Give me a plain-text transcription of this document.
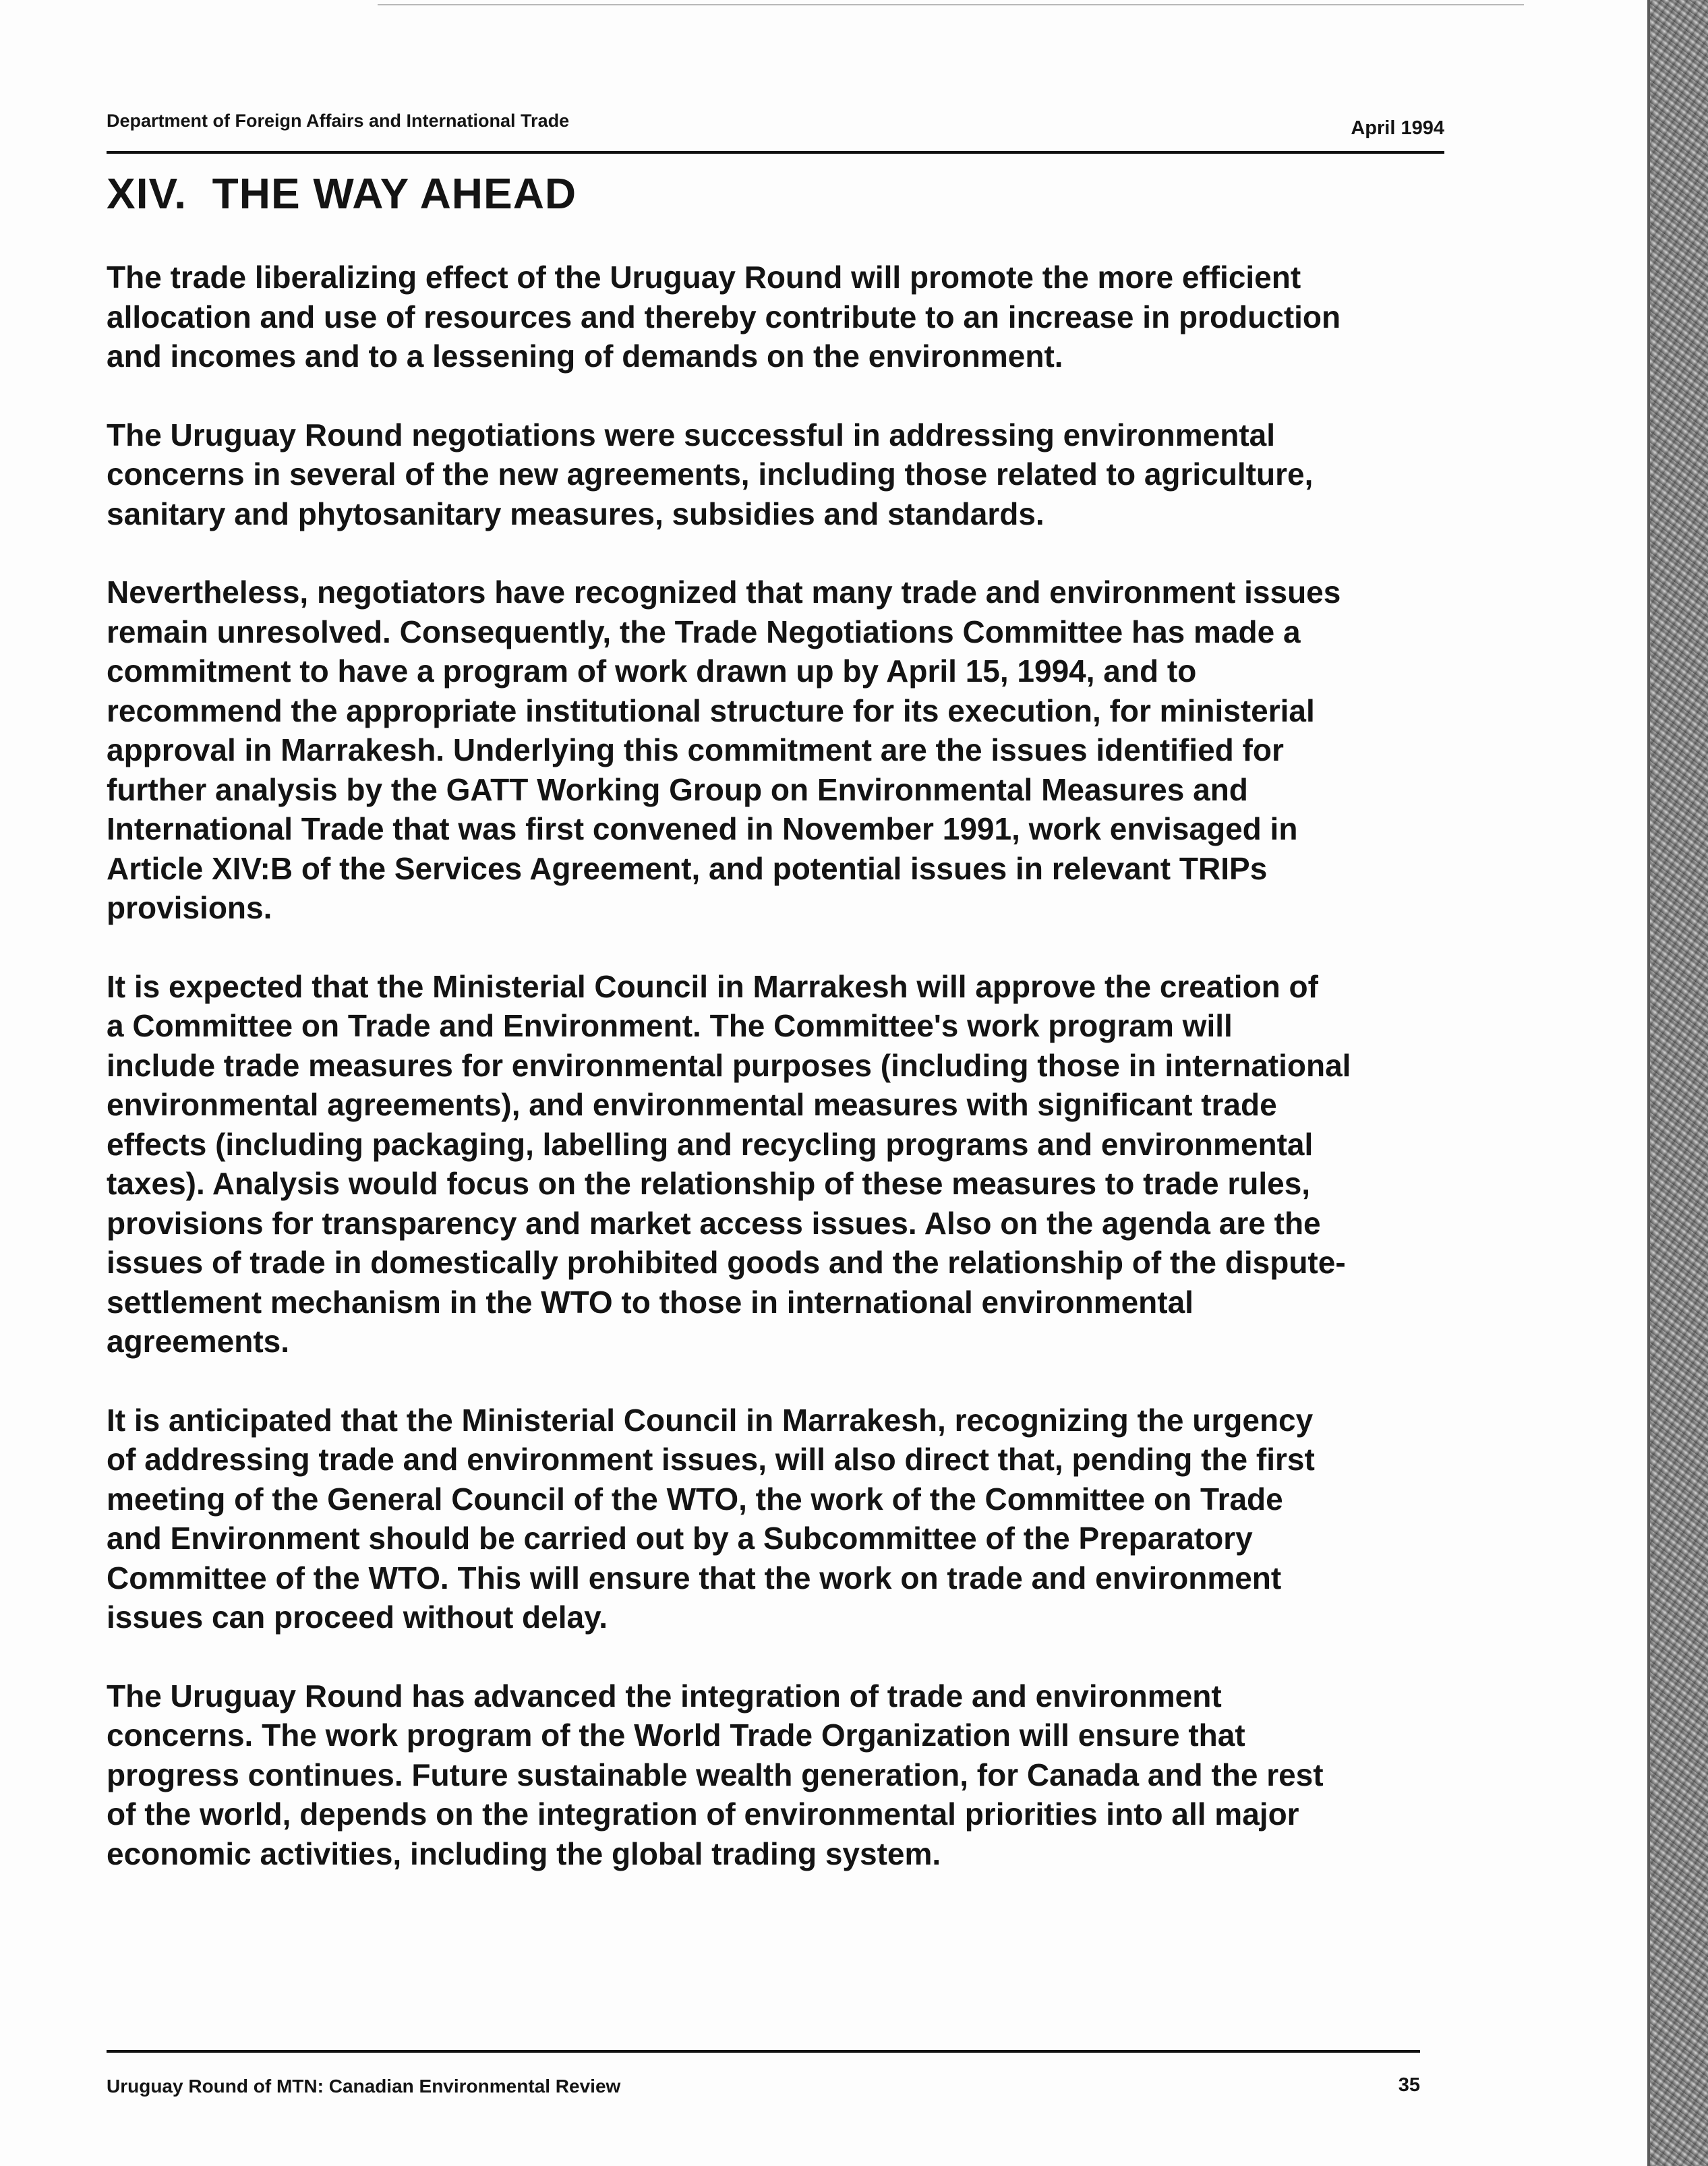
Department of Foreign Affairs and International Trade	April 1994
XIV.  THE WAY AHEAD

The trade liberalizing effect of the Uruguay Round will promote the more efficient
allocation and use of resources and thereby contribute to an increase in production
and incomes and to a lessening of demands on the environment.

The Uruguay Round negotiations were successful in addressing environmental
concerns in several of the new agreements, including those related to agriculture,
sanitary and phytosanitary measures, subsidies and standards.

Nevertheless, negotiators have recognized that many trade and environment issues
remain unresolved. Consequently, the Trade Negotiations Committee has made a
commitment to have a program of work drawn up by April 15, 1994, and to
recommend the appropriate institutional structure for its execution, for ministerial
approval in Marrakesh. Underlying this commitment are the issues identified for
further analysis by the GATT Working Group on Environmental Measures and
International Trade that was first convened in November 1991, work envisaged in
Article XIV:B of the Services Agreement, and potential issues in relevant TRIPs
provisions.

It is expected that the Ministerial Council in Marrakesh will approve the creation of
a Committee on Trade and Environment. The Committee's work program will
include trade measures for environmental purposes (including those in international
environmental agreements), and environmental measures with significant trade
effects (including packaging, labelling and recycling programs and environmental
taxes). Analysis would focus on the relationship of these measures to trade rules,
provisions for transparency and market access issues. Also on the agenda are the
issues of trade in domestically prohibited goods and the relationship of the dispute-
settlement mechanism in the WTO to those in international environmental
agreements.

It is anticipated that the Ministerial Council in Marrakesh, recognizing the urgency
of addressing trade and environment issues, will also direct that, pending the first
meeting of the General Council of the WTO, the work of the Committee on Trade
and Environment should be carried out by a Subcommittee of the Preparatory
Committee of the WTO. This will ensure that the work on trade and environment
issues can proceed without delay.

The Uruguay Round has advanced the integration of trade and environment
concerns. The work program of the World Trade Organization will ensure that
progress continues. Future sustainable wealth generation, for Canada and the rest
of the world, depends on the integration of environmental priorities into all major
economic activities, including the global trading system.

Uruguay Round of MTN: Canadian Environmental Review	35
